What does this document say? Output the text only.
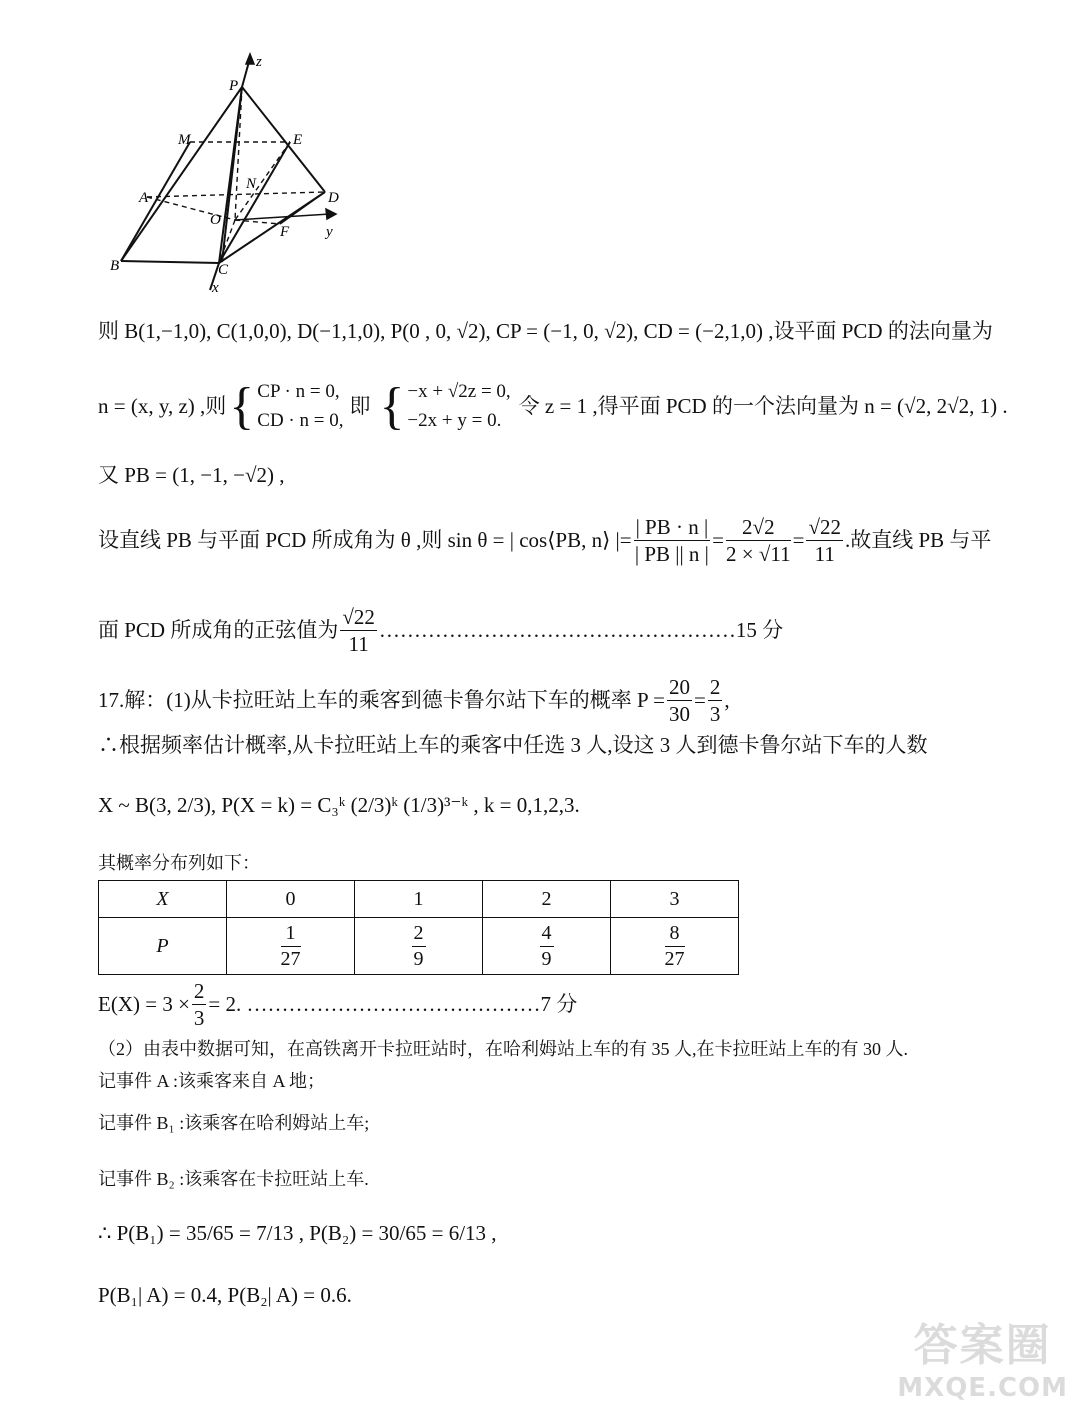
z
P
M	E
N
A	D
O
y
F
B	C
x
则 B(1,−1,0), C(1,0,0), D(−1,1,0), P(0 , 0, √2), CP = (−1, 0, √2), CD = (−2,1,0) ,设平面 PCD 的法向量为
n = (x, y, z) ,则 { CP · n = 0,
CD · n = 0,
即 { −x + √2z = 0,
−2x + y = 0.
令 z = 1 ,得平面 PCD 的一个法向量为 n = (√2, 2√2, 1) .
又 PB = (1, −1, −√2) ,
设直线 PB 与平面 PCD 所成角为 θ ,则 sin θ = | cos⟨PB, n⟩ |= $\frac{| PB \cdot n |}{| PB || n |} = \frac{2√2}{2 \times √11} = \frac{√22}{11}$ .故直线 PB 与平
面 PCD 所成角的正弦值为 $\frac{√22}{11}$ ……………………………………………15 分
17.解：(1)从卡拉旺站上车的乘客到德卡鲁尔站下车的概率 $P = \frac{20}{30} = \frac{2}{3}$ ,
∴根据频率估计概率,从卡拉旺站上车的乘客中任选 3 人,设这 3 人到德卡鲁尔站下车的人数
X ~ B(3, 2/3), P(X = k) = C₃ᵏ (2/3)ᵏ (1/3)³⁻ᵏ , k = 0,1,2,3.
其概率分布列如下：
X	0	1	2	3
P	$\frac{1}{27}$	$\frac{2}{9}$	$\frac{4}{9}$	$\frac{8}{27}$
$E(X) = 3 \times \frac{2}{3} = 2$. ……………………………………7 分
（2）由表中数据可知，在高铁离开卡拉旺站时，在哈利姆站上车的有 35 人,在卡拉旺站上车的有 30 人.
记事件 A :该乘客来自 A 地；
记事件 B₁ :该乘客在哈利姆站上车;
记事件 B₂ :该乘客在卡拉旺站上车.
∴ P(B₁) = 35/65 = 7/13 , P(B₂) = 30/65 = 6/13 ,
P(B₁| A) = 0.4, P(B₂| A) = 0.6.
答案圈
MXQE.COM
